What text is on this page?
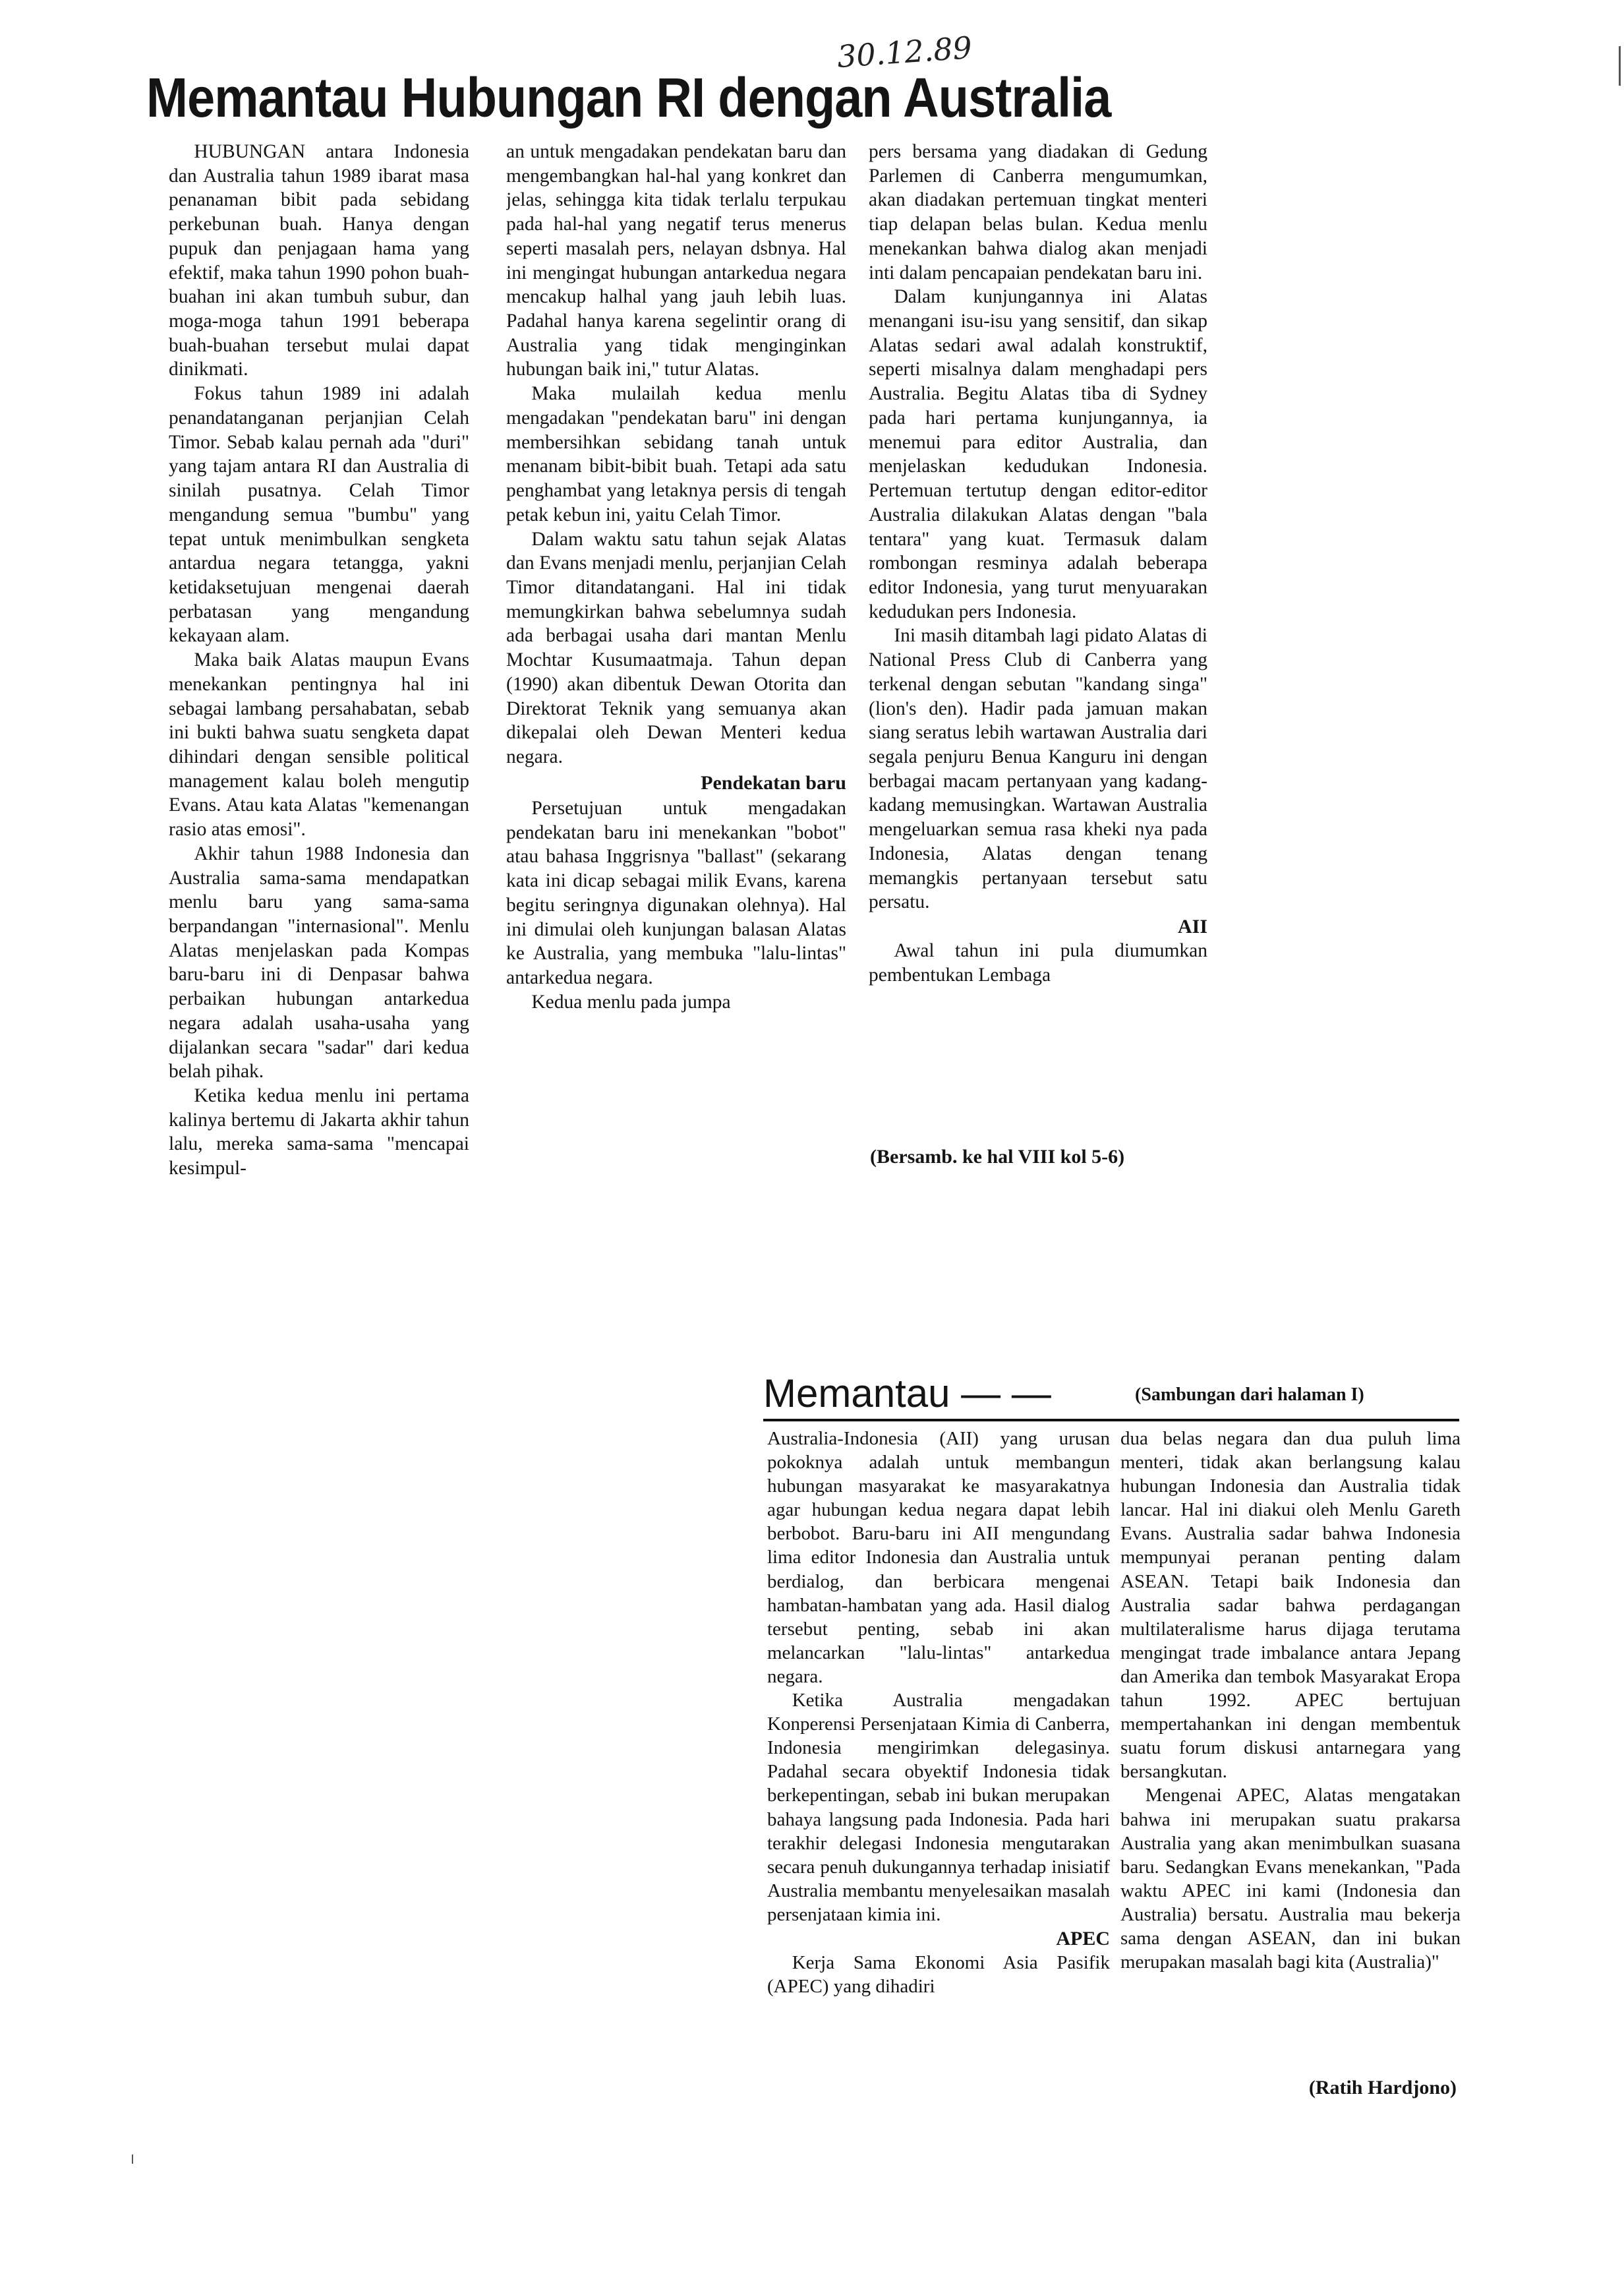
30.12.89
Memantau Hubungan RI dengan Australia

HUBUNGAN antara Indonesia dan Australia tahun 1989 ibarat masa penanaman bibit pada sebidang perkebunan buah. Hanya dengan pupuk dan penjagaan hama yang efektif, maka tahun 1990 pohon buah-buahan ini akan tumbuh subur, dan moga-moga tahun 1991 beberapa buah-buahan tersebut mulai dapat dinikmati.

Fokus tahun 1989 ini adalah penandatanganan perjanjian Celah Timor. Sebab kalau pernah ada "duri" yang tajam antara RI dan Australia di sinilah pusatnya. Celah Timor mengandung semua "bumbu" yang tepat untuk menimbulkan sengketa antardua negara tetangga, yakni ketidaksetujuan mengenai daerah perbatasan yang mengandung kekayaan alam.

Maka baik Alatas maupun Evans menekankan pentingnya hal ini sebagai lambang persahabatan, sebab ini bukti bahwa suatu sengketa dapat dihindari dengan sensible political management kalau boleh mengutip Evans. Atau kata Alatas "kemenangan rasio atas emosi".

Akhir tahun 1988 Indonesia dan Australia sama-sama mendapatkan menlu baru yang sama-sama berpandangan "internasional". Menlu Alatas menjelaskan pada Kompas baru-baru ini di Denpasar bahwa perbaikan hubungan antarkedua negara adalah usaha-usaha yang dijalankan secara "sadar" dari kedua belah pihak.

Ketika kedua menlu ini pertama kalinya bertemu di Jakarta akhir tahun lalu, mereka sama-sama "mencapai kesimpul-

an untuk mengadakan pendekatan baru dan mengembangkan hal-hal yang konkret dan jelas, sehingga kita tidak terlalu terpukau pada hal-hal yang negatif terus menerus seperti masalah pers, nelayan dsbnya. Hal ini mengingat hubungan antarkedua negara mencakup halhal yang jauh lebih luas. Padahal hanya karena segelintir orang di Australia yang tidak menginginkan hubungan baik ini," tutur Alatas.

Maka mulailah kedua menlu mengadakan "pendekatan baru" ini dengan membersihkan sebidang tanah untuk menanam bibit-bibit buah. Tetapi ada satu penghambat yang letaknya persis di tengah petak kebun ini, yaitu Celah Timor.

Dalam waktu satu tahun sejak Alatas dan Evans menjadi menlu, perjanjian Celah Timor ditandatangani. Hal ini tidak memungkirkan bahwa sebelumnya sudah ada berbagai usaha dari mantan Menlu Mochtar Kusumaatmaja. Tahun depan (1990) akan dibentuk Dewan Otorita dan Direktorat Teknik yang semuanya akan dikepalai oleh Dewan Menteri kedua negara.

Pendekatan baru

Persetujuan untuk mengadakan pendekatan baru ini menekankan "bobot" atau bahasa Inggrisnya "ballast" (sekarang kata ini dicap sebagai milik Evans, karena begitu seringnya digunakan olehnya). Hal ini dimulai oleh kunjungan balasan Alatas ke Australia, yang membuka "lalu-lintas" antarkedua negara.

Kedua menlu pada jumpa

pers bersama yang diadakan di Gedung Parlemen di Canberra mengumumkan, akan diadakan pertemuan tingkat menteri tiap delapan belas bulan. Kedua menlu menekankan bahwa dialog akan menjadi inti dalam pencapaian pendekatan baru ini.

Dalam kunjungannya ini Alatas menangani isu-isu yang sensitif, dan sikap Alatas sedari awal adalah konstruktif, seperti misalnya dalam menghadapi pers Australia. Begitu Alatas tiba di Sydney pada hari pertama kunjungannya, ia menemui para editor Australia, dan menjelaskan kedudukan Indonesia. Pertemuan tertutup dengan editor-editor Australia dilakukan Alatas dengan "bala tentara" yang kuat. Termasuk dalam rombongan resminya adalah beberapa editor Indonesia, yang turut menyuarakan kedudukan pers Indonesia.

Ini masih ditambah lagi pidato Alatas di National Press Club di Canberra yang terkenal dengan sebutan "kandang singa" (lion's den). Hadir pada jamuan makan siang seratus lebih wartawan Australia dari segala penjuru Benua Kanguru ini dengan berbagai macam pertanyaan yang kadang-kadang memusingkan. Wartawan Australia mengeluarkan semua rasa kheki nya pada Indonesia, Alatas dengan tenang memangkis pertanyaan tersebut satu persatu.

AII

Awal tahun ini pula diumumkan pembentukan Lembaga

(Bersamb. ke hal VIII kol 5-6)
Memantau — —	(Sambungan dari halaman I)

Australia-Indonesia (AII) yang urusan pokoknya adalah untuk membangun hubungan masyarakat ke masyarakatnya agar hubungan kedua negara dapat lebih berbobot. Baru-baru ini AII mengundang lima editor Indonesia dan Australia untuk berdialog, dan berbicara mengenai hambatan-hambatan yang ada. Hasil dialog tersebut penting, sebab ini akan melancarkan "lalu-lintas" antarkedua negara.

Ketika Australia mengadakan Konperensi Persenjataan Kimia di Canberra, Indonesia mengirimkan delegasinya. Padahal secara obyektif Indonesia tidak berkepentingan, sebab ini bukan merupakan bahaya langsung pada Indonesia. Pada hari terakhir delegasi Indonesia mengutarakan secara penuh dukungannya terhadap inisiatif Australia membantu menyelesaikan masalah persenjataan kimia ini.

APEC

Kerja Sama Ekonomi Asia Pasifik (APEC) yang dihadiri

dua belas negara dan dua puluh lima menteri, tidak akan berlangsung kalau hubungan Indonesia dan Australia tidak lancar. Hal ini diakui oleh Menlu Gareth Evans. Australia sadar bahwa Indonesia mempunyai peranan penting dalam ASEAN. Tetapi baik Indonesia dan Australia sadar bahwa perdagangan multilateralisme harus dijaga terutama mengingat trade imbalance antara Jepang dan Amerika dan tembok Masyarakat Eropa tahun 1992. APEC bertujuan mempertahankan ini dengan membentuk suatu forum diskusi antarnegara yang bersangkutan.

Mengenai APEC, Alatas mengatakan bahwa ini merupakan suatu prakarsa Australia yang akan menimbulkan suasana baru. Sedangkan Evans menekankan, "Pada waktu APEC ini kami (Indonesia dan Australia) bersatu. Australia mau bekerja sama dengan ASEAN, dan ini bukan merupakan masalah bagi kita (Australia)"

(Ratih Hardjono)
